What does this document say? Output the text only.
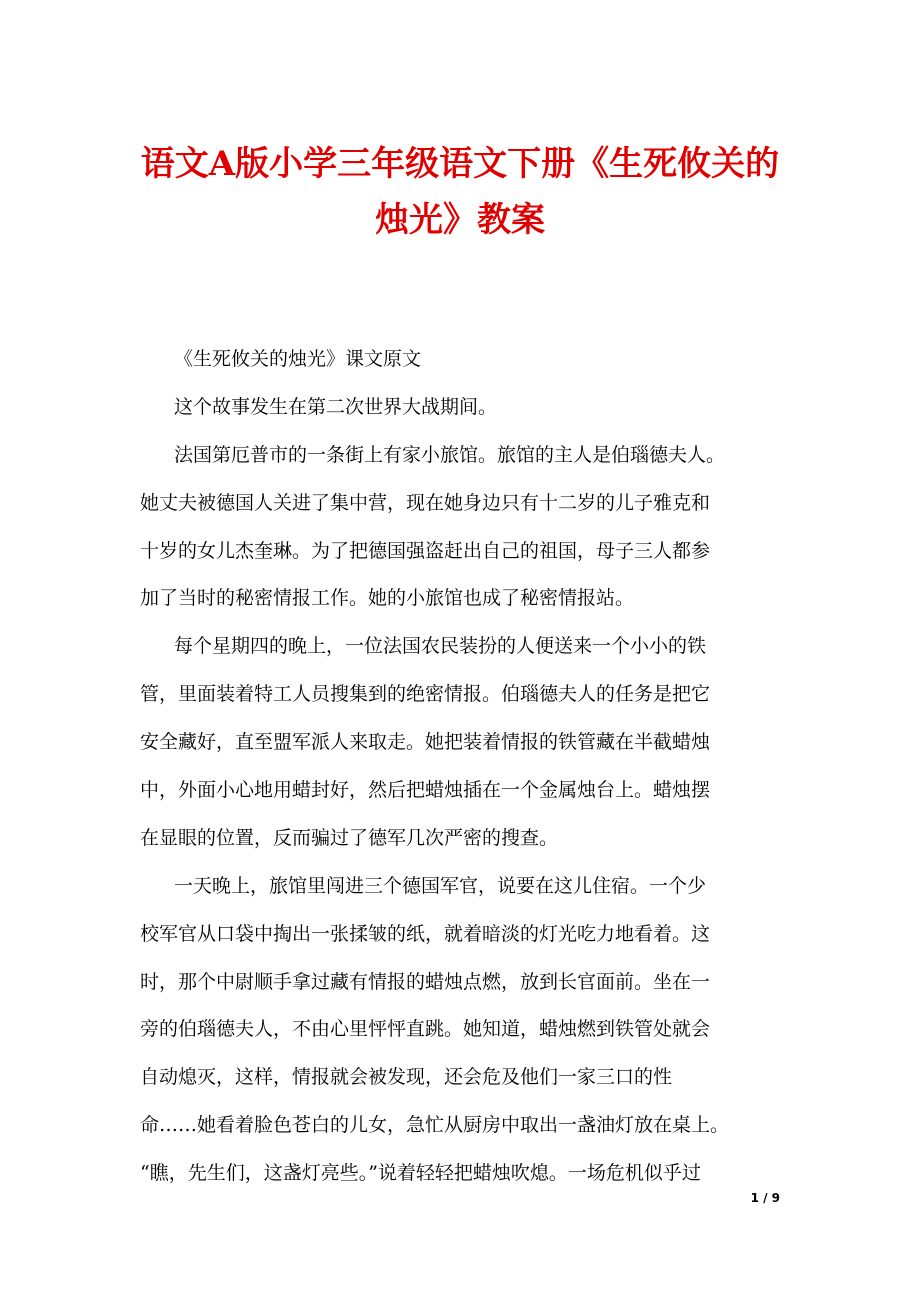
语文A版小学三年级语文下册《生死攸关的
烛光》教案
《生死攸关的烛光》课文原文
这个故事发生在第二次世界大战期间。
法国第厄普市的一条街上有家小旅馆。旅馆的主人是伯瑙德夫人。
她丈夫被德国人关进了集中营，现在她身边只有十二岁的儿子雅克和
十岁的女儿杰奎琳。为了把德国强盗赶出自己的祖国，母子三人都参
加了当时的秘密情报工作。她的小旅馆也成了秘密情报站。
每个星期四的晚上，一位法国农民装扮的人便送来一个小小的铁
管，里面装着特工人员搜集到的绝密情报。伯瑙德夫人的任务是把它
安全藏好，直至盟军派人来取走。她把装着情报的铁管藏在半截蜡烛
中，外面小心地用蜡封好，然后把蜡烛插在一个金属烛台上。蜡烛摆
在显眼的位置，反而骗过了德军几次严密的搜查。
一天晚上，旅馆里闯进三个德国军官，说要在这儿住宿。一个少
校军官从口袋中掏出一张揉皱的纸，就着暗淡的灯光吃力地看着。这
时，那个中尉顺手拿过藏有情报的蜡烛点燃，放到长官面前。坐在一
旁的伯瑙德夫人，不由心里怦怦直跳。她知道，蜡烛燃到铁管处就会
自动熄灭，这样，情报就会被发现，还会危及他们一家三口的性
命……她看着脸色苍白的儿女，急忙从厨房中取出一盏油灯放在桌上。
“瞧，先生们，这盏灯亮些。”说着轻轻把蜡烛吹熄。一场危机似乎过
1 / 9
